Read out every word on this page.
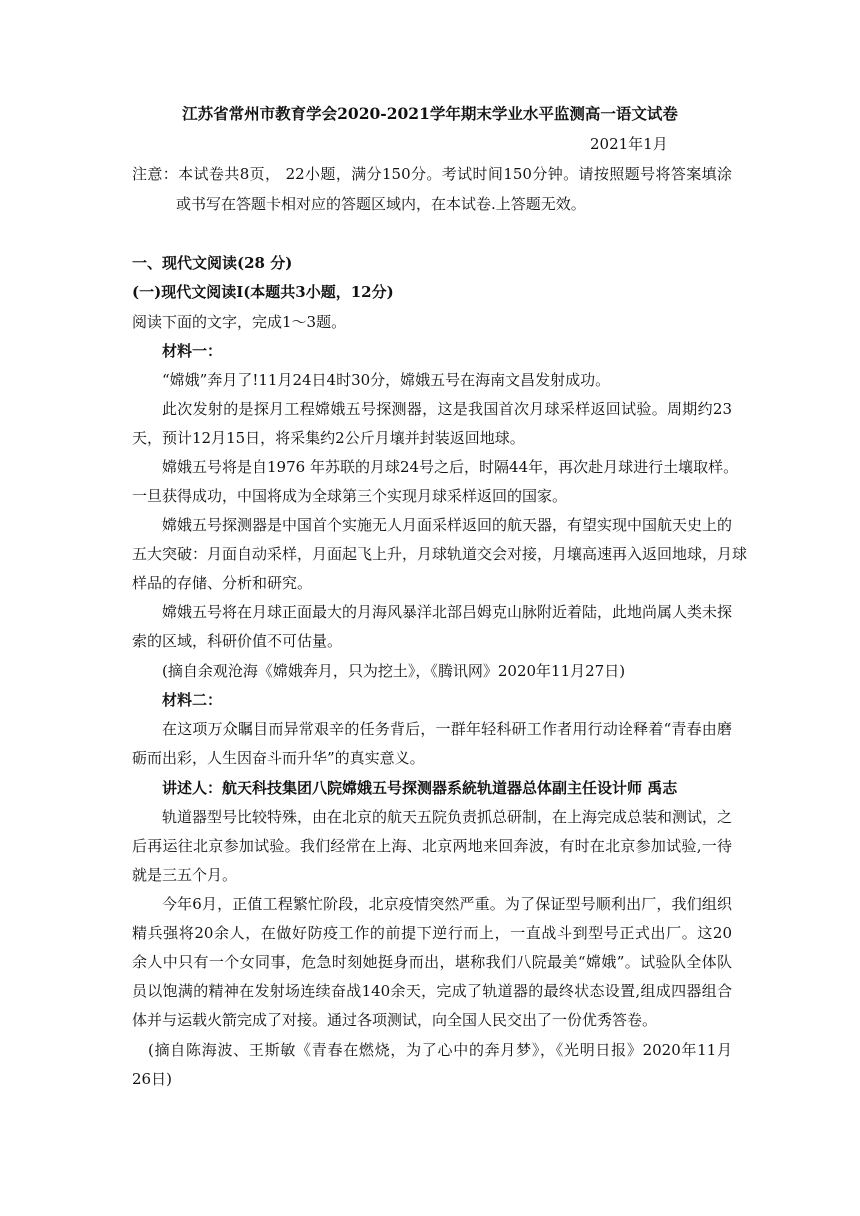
江苏省常州市教育学会2020-2021学年期末学业水平监测高一语文试卷
2021年1月
注意：本试卷共8页， 22小题，满分150分。考试时间150分钟。请按照题号将答案填涂
或书写在答题卡相对应的答题区域内，在本试卷.上答题无效。
一、现代文阅读(28 分)
(一)现代文阅读Ⅰ(本题共3小题，12分)
阅读下面的文字，完成1～3题。
材料一：
“嫦娥”奔月了!11月24日4时30分，嫦娥五号在海南文昌发射成功。
此次发射的是探月工程嫦娥五号探测器，这是我国首次月球采样返回试验。周期约23
天，预计12月15日，将采集约2公斤月壤并封装返回地球。
嫦娥五号将是自1976 年苏联的月球24号之后，时隔44年，再次赴月球进行土壤取样。
一旦获得成功，中国将成为全球第三个实现月球采样返回的国家。
嫦娥五号探测器是中国首个实施无人月面采样返回的航天器，有望实现中国航天史上的
五大突破：月面自动采样，月面起飞上升，月球轨道交会对接，月壤高速再入返回地球，月球
样品的存储、分析和研究。
嫦娥五号将在月球正面最大的月海风暴洋北部吕姆克山脉附近着陆，此地尚属人类未探
索的区域，科研价值不可估量。
(摘自余观沧海《嫦娥奔月，只为挖土》，《腾讯网》2020年11月27日)
材料二：
在这项万众瞩目而异常艰辛的任务背后，一群年轻科研工作者用行动诠释着“青春由磨
砺而出彩，人生因奋斗而升华”的真实意义。
讲述人：航天科技集团八院嫦娥五号探测器系統轨道器总体副主任设计师 禹志
轨道器型号比较特殊，由在北京的航天五院负责抓总研制，在上海完成总装和测试，之
后再运往北京参加试验。我们经常在上海、北京两地来回奔波，有时在北京参加试验,一待
就是三五个月。
今年6月，正值工程繁忙阶段，北京疫情突然严重。为了保证型号顺利出厂，我们组织
精兵强将20余人，在做好防疫工作的前提下逆行而上，一直战斗到型号正式出厂。这20
余人中只有一个女同事，危急时刻她挺身而出，堪称我们八院最美“嫦娥”。试验队全体队
员以饱满的精神在发射场连续奋战140余天，完成了轨道器的最终状态设置,组成四器组合
体并与运载火箭完成了对接。通过各项测试，向全国人民交出了一份优秀答卷。
(摘自陈海波、王斯敏《青春在燃烧，为了心中的奔月梦》，《光明日报》2020年11月
26日)
